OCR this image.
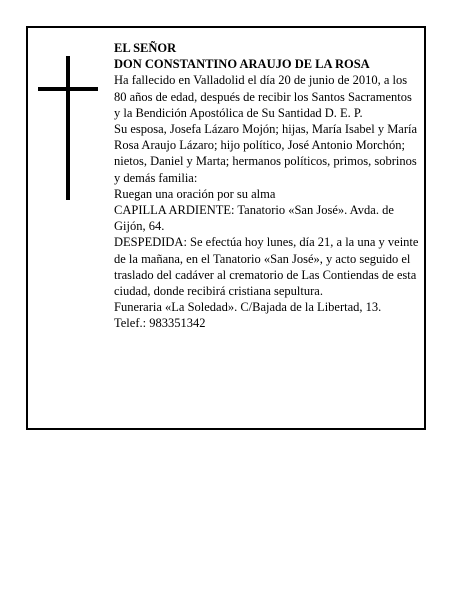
EL SEÑOR

DON CONSTANTINO ARAUJO DE LA ROSA

Ha fallecido en Valladolid el día 20 de junio de 2010, a los 80 años de edad, después de recibir los Santos Sacramentos y la Bendición Apostólica de Su Santidad D. E. P.

Su esposa, Josefa Lázaro Mojón; hijas, María Isabel y María Rosa Araujo Lázaro; hijo político, José Antonio Morchón; nietos, Daniel y Marta; hermanos políticos, primos, sobrinos y demás familia:

Ruegan una oración por su alma

CAPILLA ARDIENTE: Tanatorio «San José». Avda. de Gijón, 64.

DESPEDIDA: Se efectúa hoy lunes, día 21, a la una y veinte de la mañana, en el Tanatorio «San José», y acto seguido el traslado del cadáver al crematorio de Las Contiendas de esta ciudad, donde recibirá cristiana sepultura.

Funeraria «La Soledad». C/Bajada de la Libertad, 13.

Telef.: 983351342
